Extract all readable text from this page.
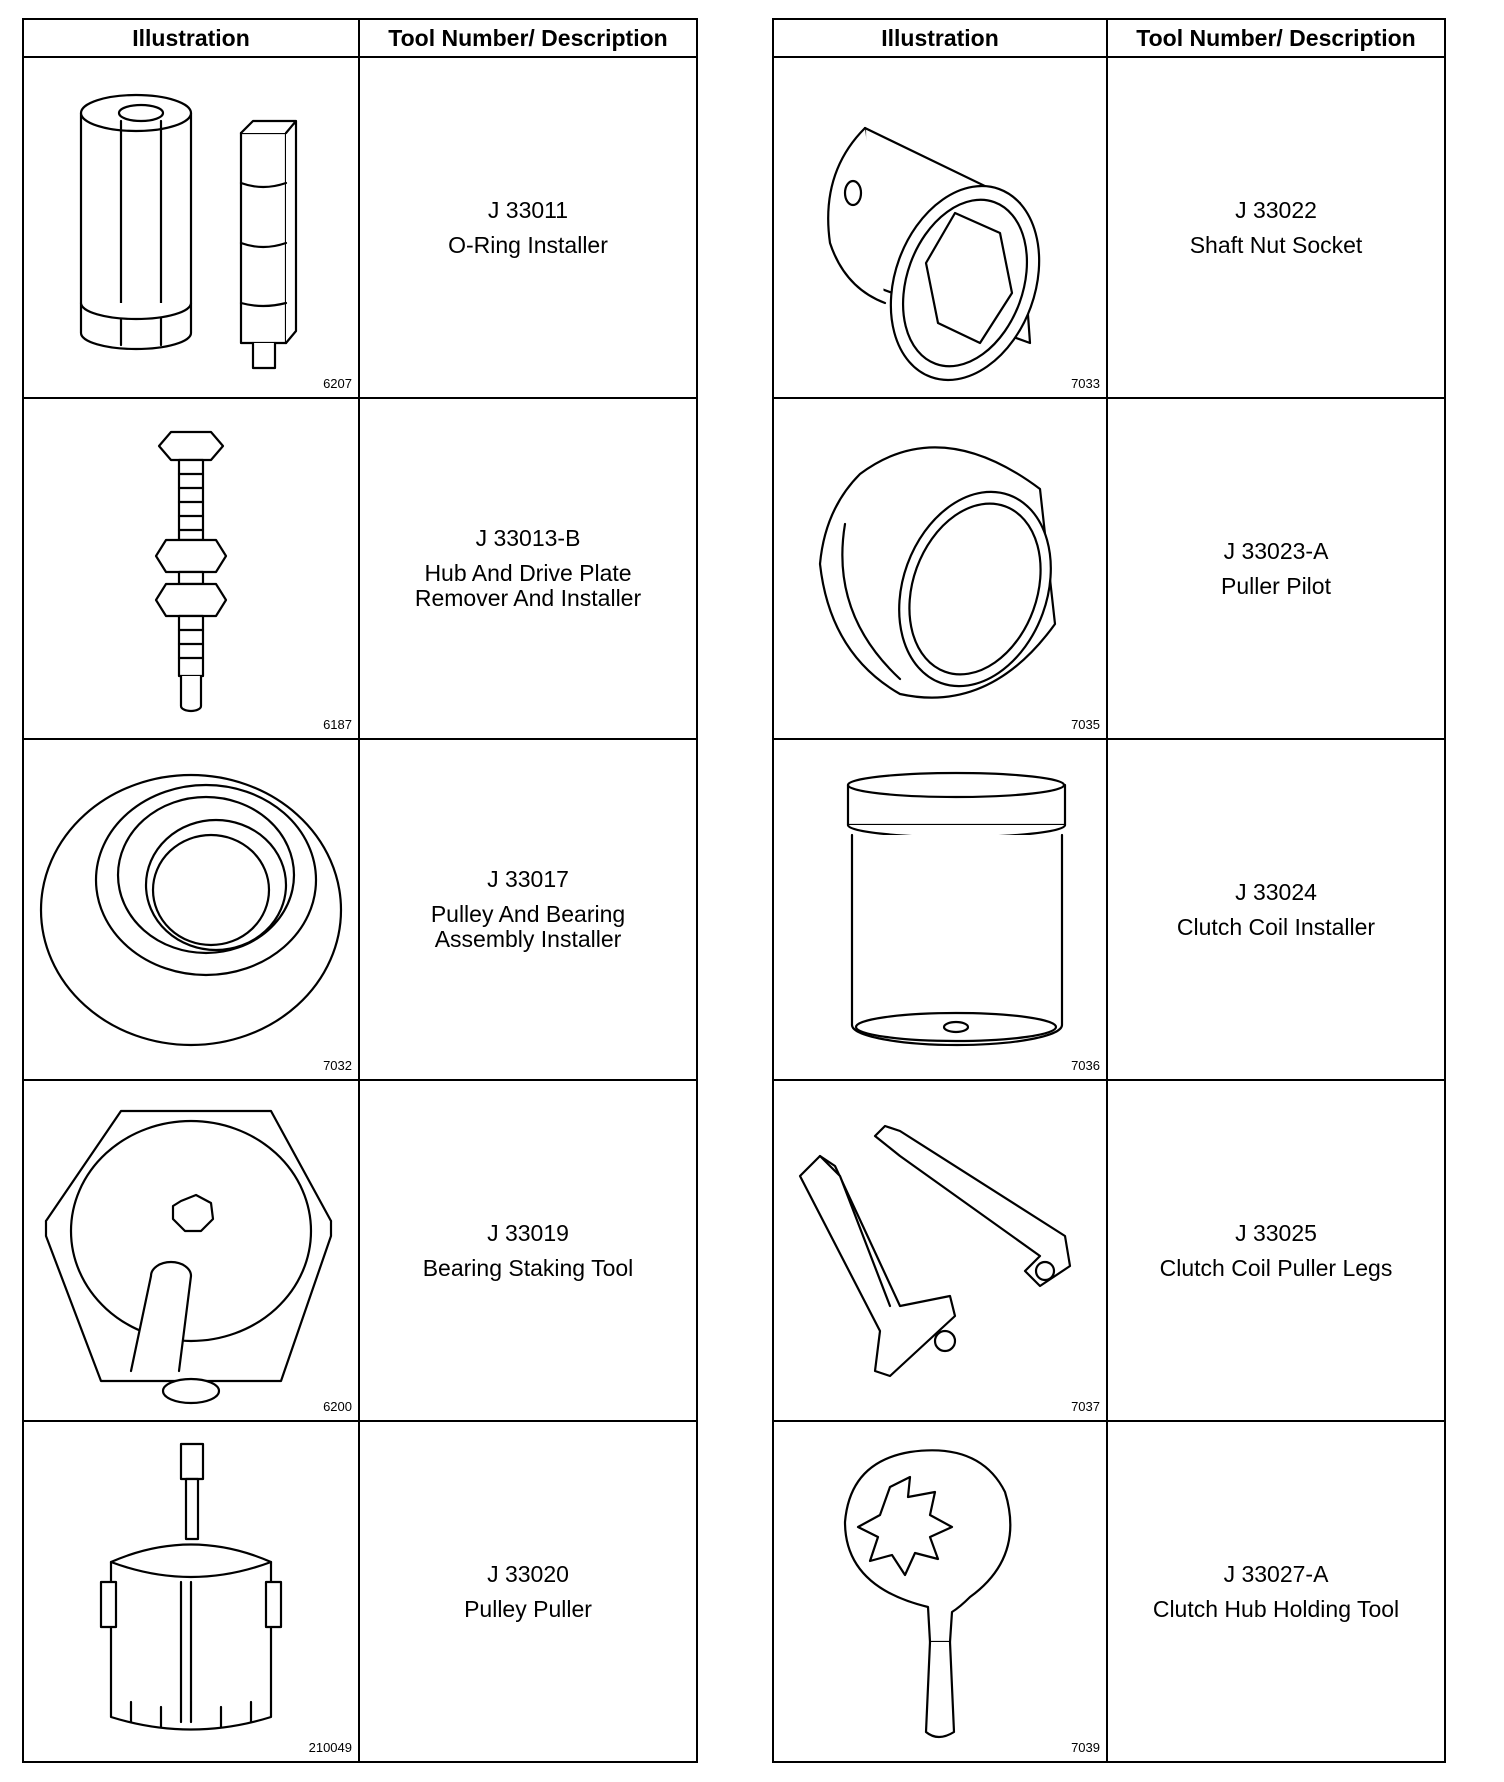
Illustration	Tool Number/ Description

6207	J 33011
O-Ring Installer

6187	J 33013-B
Hub And Drive Plate
Remover And Installer

7032	J 33017
Pulley And Bearing
Assembly Installer

6200	J 33019
Bearing Staking Tool

210049	J 33020
Pulley Puller
Illustration	Tool Number/ Description

7033	J 33022
Shaft Nut Socket

7035	J 33023-A
Puller Pilot

7036	J 33024
Clutch Coil Installer

7037	J 33025
Clutch Coil Puller Legs

7039	J 33027-A
Clutch Hub Holding Tool
